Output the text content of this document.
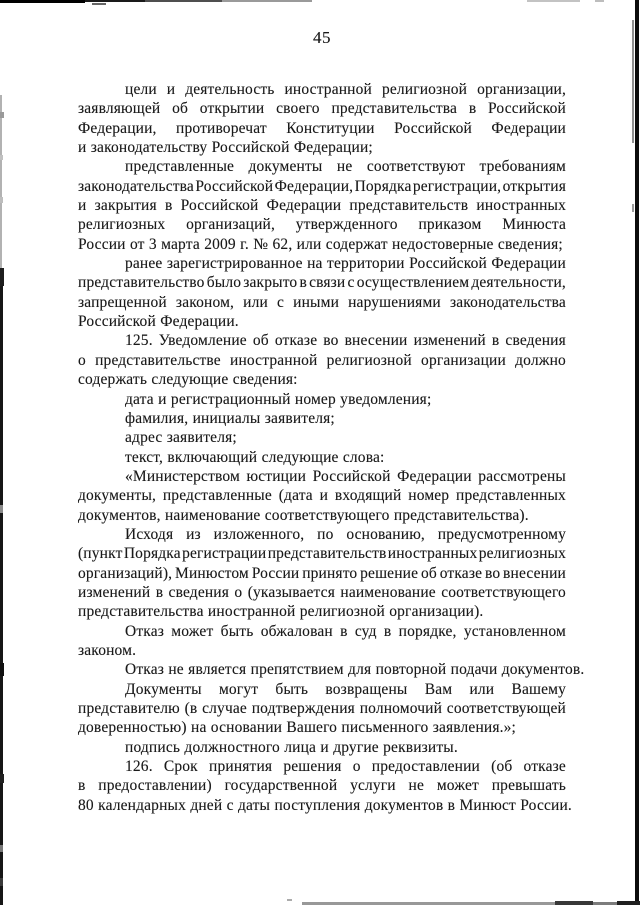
45
цели и деятельность иностранной религиозной организации,
заявляющей об открытии своего представительства в Российской
Федерации, противоречат Конституции Российской Федерации
и законодательству Российской Федерации;
представленные документы не соответствуют требованиям
законодательства Российской Федерации, Порядка регистрации, открытия
и закрытия в Российской Федерации представительств иностранных
религиозных организаций, утвержденного приказом Минюста
России от 3 марта 2009 г. № 62, или содержат недостоверные сведения;
ранее зарегистрированное на территории Российской Федерации
представительство было закрыто в связи с осуществлением деятельности,
запрещенной законом, или с иными нарушениями законодательства
Российской Федерации.
125. Уведомление об отказе во внесении изменений в сведения
о представительстве иностранной религиозной организации должно
содержать следующие сведения:
дата и регистрационный номер уведомления;
фамилия, инициалы заявителя;
адрес заявителя;
текст, включающий следующие слова:
«Министерством юстиции Российской Федерации рассмотрены
документы, представленные (дата и входящий номер представленных
документов, наименование соответствующего представительства).
Исходя из изложенного, по основанию, предусмотренному
(пункт Порядка регистрации представительств иностранных религиозных
организаций), Минюстом России принято решение об отказе во внесении
изменений в сведения о (указывается наименование соответствующего
представительства иностранной религиозной организации).
Отказ может быть обжалован в суд в порядке, установленном
законом.
Отказ не является препятствием для повторной подачи документов.
Документы могут быть возвращены Вам или Вашему
представителю (в случае подтверждения полномочий соответствующей
доверенностью) на основании Вашего письменного заявления.»;
подпись должностного лица и другие реквизиты.
126. Срок принятия решения о предоставлении (об отказе
в предоставлении) государственной услуги не может превышать
80 календарных дней с даты поступления документов в Минюст России.
